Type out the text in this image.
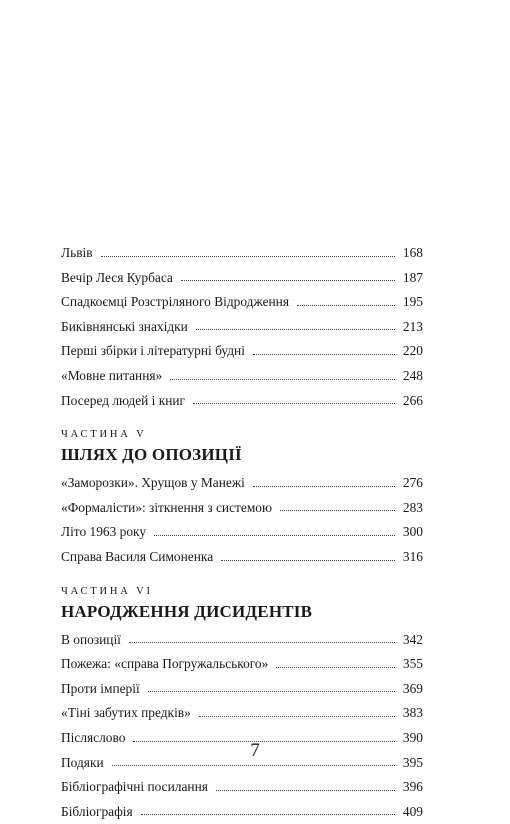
Львів	168
Вечір Леся Курбаса	187
Спадкоємці Розстріляного Відродження	195
Биківнянські знахідки	213
Перші збірки і літературні будні	220
«Мовне питання»	248
Посеред людей і книг	266
ЧАСТИНА V
ШЛЯХ ДО ОПОЗИЦІЇ
«Заморозки». Хрущов у Манежі	276
«Формалісти»: зіткнення з системою	283
Літо 1963 року	300
Справа Василя Симоненка	316
ЧАСТИНА VI
НАРОДЖЕННЯ ДИСИДЕНТІВ
В опозиції	342
Пожежа: «справа Погружальського»	355
Проти імперії	369
«Тіні забутих предків»	383
Післяслово	390
Подяки	395
Бібліографічні посилання	396
Бібліографія	409
7
